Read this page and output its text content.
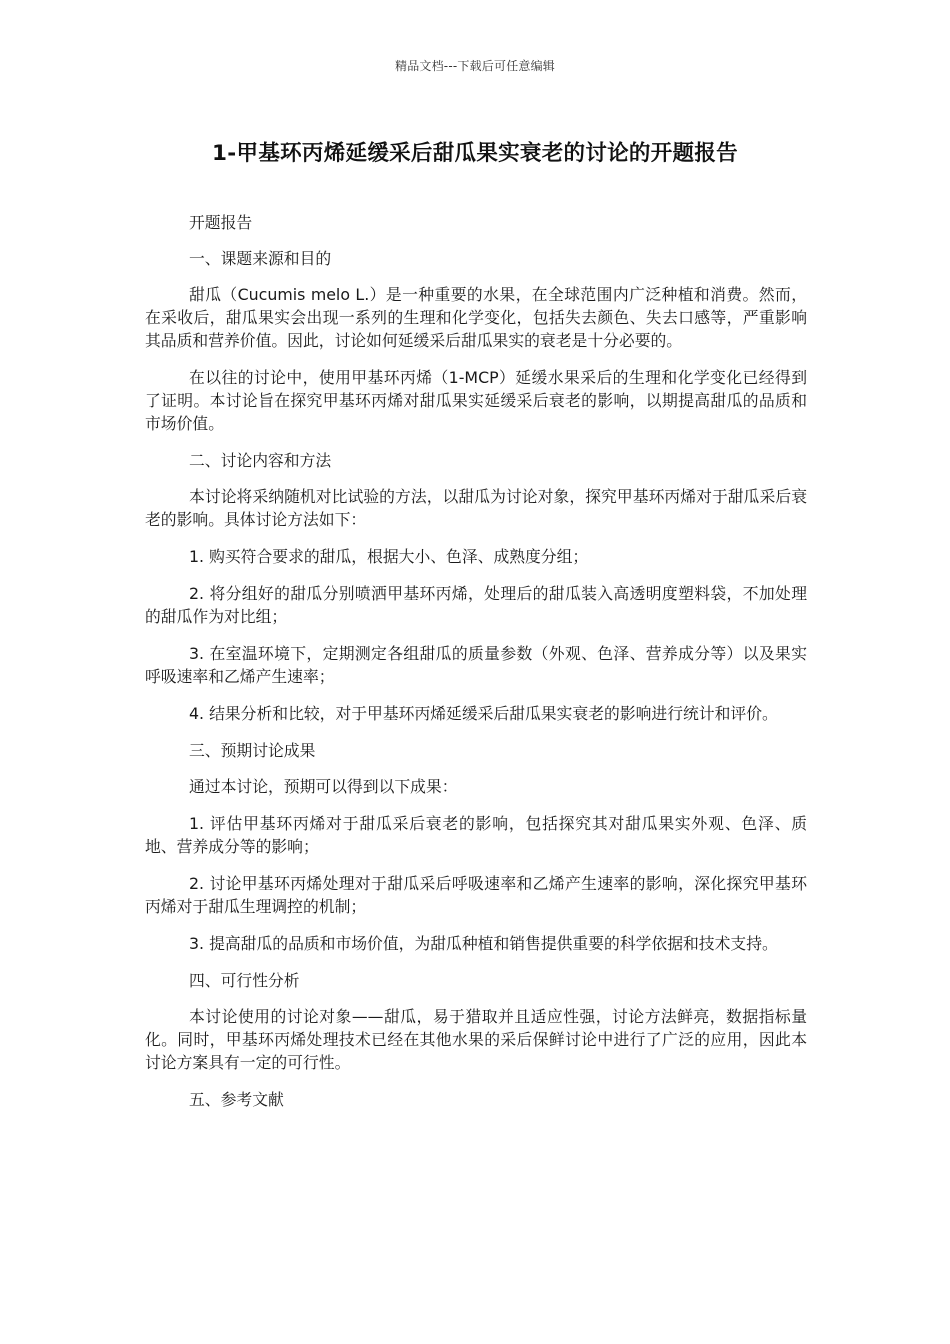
精品文档---下载后可任意编辑
1-甲基环丙烯延缓采后甜瓜果实衰老的讨论的开题报告

开题报告

一、课题来源和目的

甜瓜（Cucumis melo L.）是一种重要的水果，在全球范围内广泛种植和消费。然而，在采收后，甜瓜果实会出现一系列的生理和化学变化，包括失去颜色、失去口感等，严重影响其品质和营养价值。因此，讨论如何延缓采后甜瓜果实的衰老是十分必要的。

在以往的讨论中，使用甲基环丙烯（1-MCP）延缓水果采后的生理和化学变化已经得到了证明。本讨论旨在探究甲基环丙烯对甜瓜果实延缓采后衰老的影响，以期提高甜瓜的品质和市场价值。

二、讨论内容和方法

本讨论将采纳随机对比试验的方法，以甜瓜为讨论对象，探究甲基环丙烯对于甜瓜采后衰老的影响。具体讨论方法如下：

1. 购买符合要求的甜瓜，根据大小、色泽、成熟度分组；

2. 将分组好的甜瓜分别喷洒甲基环丙烯，处理后的甜瓜装入高透明度塑料袋，不加处理的甜瓜作为对比组；

3. 在室温环境下，定期测定各组甜瓜的质量参数（外观、色泽、营养成分等）以及果实呼吸速率和乙烯产生速率；

4. 结果分析和比较，对于甲基环丙烯延缓采后甜瓜果实衰老的影响进行统计和评价。

三、预期讨论成果

通过本讨论，预期可以得到以下成果：

1. 评估甲基环丙烯对于甜瓜采后衰老的影响，包括探究其对甜瓜果实外观、色泽、质地、营养成分等的影响；

2. 讨论甲基环丙烯处理对于甜瓜采后呼吸速率和乙烯产生速率的影响，深化探究甲基环丙烯对于甜瓜生理调控的机制；

3. 提高甜瓜的品质和市场价值，为甜瓜种植和销售提供重要的科学依据和技术支持。

四、可行性分析

本讨论使用的讨论对象——甜瓜，易于猎取并且适应性强，讨论方法鲜亮，数据指标量化。同时，甲基环丙烯处理技术已经在其他水果的采后保鲜讨论中进行了广泛的应用，因此本讨论方案具有一定的可行性。

五、参考文献
